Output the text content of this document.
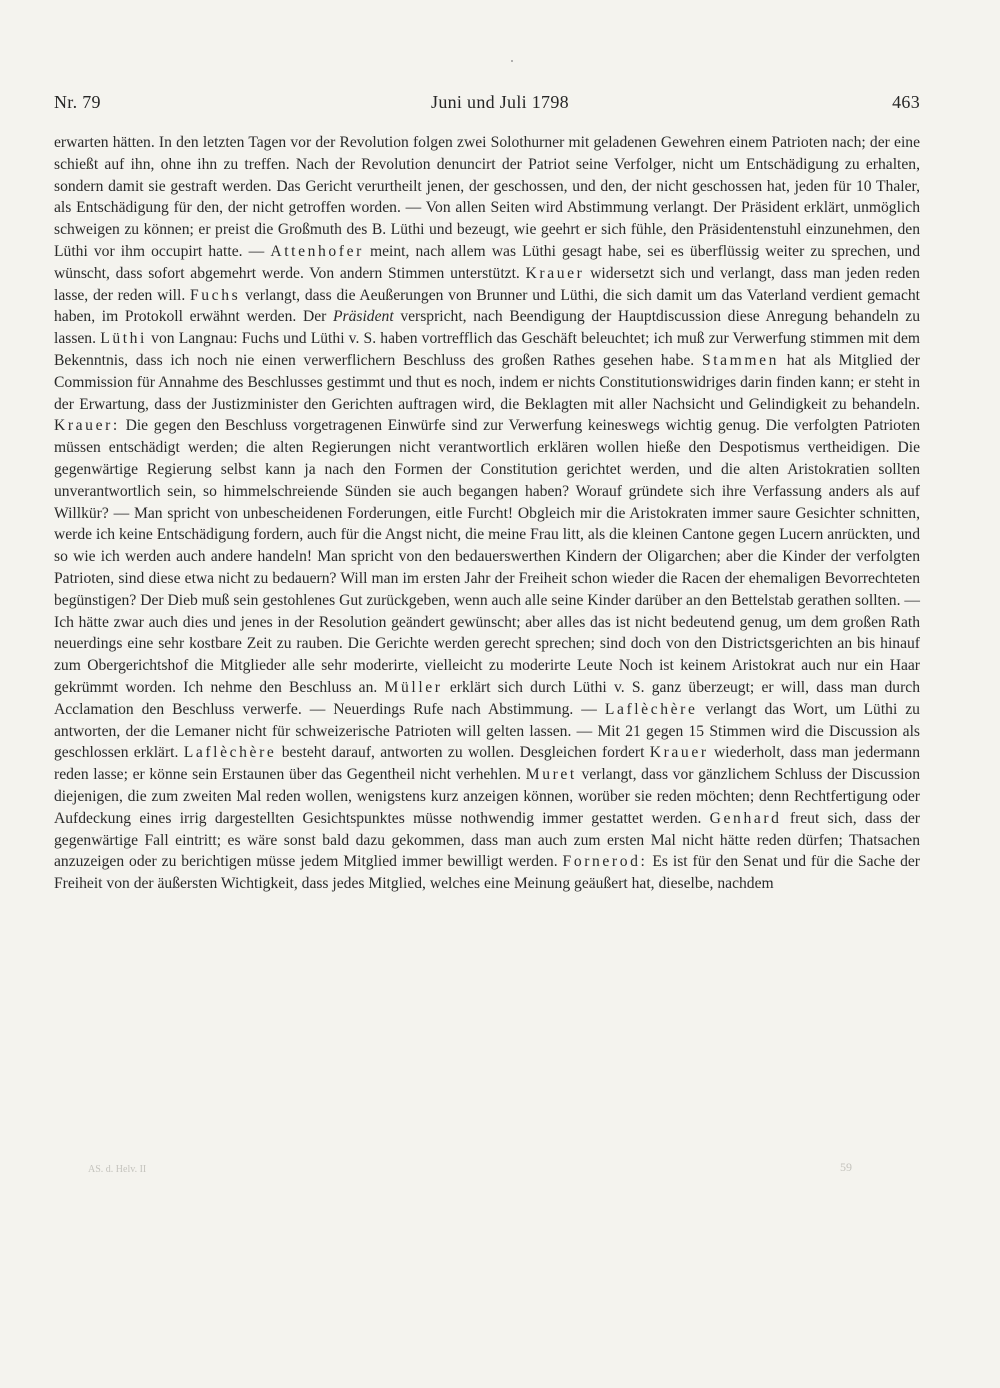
Nr. 79	Juni und Juli 1798	463

erwarten hätten. In den letzten Tagen vor der Revolution folgen zwei Solothurner mit geladenen Gewehren einem Patrioten nach; der eine schießt auf ihn, ohne ihn zu treffen. Nach der Revolution denuncirt der Patriot seine Verfolger, nicht um Entschädigung zu erhalten, sondern damit sie gestraft werden. Das Gericht verurtheilt jenen, der geschossen, und den, der nicht geschossen hat, jeden für 10 Thaler, als Entschädigung für den, der nicht getroffen worden. — Von allen Seiten wird Abstimmung verlangt. Der Präsident erklärt, unmöglich schweigen zu können; er preist die Großmuth des B. Lüthi und bezeugt, wie geehrt er sich fühle, den Präsidentenstuhl einzunehmen, den Lüthi vor ihm occupirt hatte. — Attenhofer meint, nach allem was Lüthi gesagt habe, sei es überflüssig weiter zu sprechen, und wünscht, dass sofort abgemehrt werde. Von andern Stimmen unterstützt. Krauer widersetzt sich und verlangt, dass man jeden reden lasse, der reden will. Fuchs verlangt, dass die Aeußerungen von Brunner und Lüthi, die sich damit um das Vaterland verdient gemacht haben, im Protokoll erwähnt werden. Der Präsident verspricht, nach Beendigung der Hauptdiscussion diese Anregung behandeln zu lassen. Lüthi von Langnau: Fuchs und Lüthi v. S. haben vortrefflich das Geschäft beleuchtet; ich muß zur Verwerfung stimmen mit dem Bekenntnis, dass ich noch nie einen verwerflichern Beschluss des großen Rathes gesehen habe. Stammen hat als Mitglied der Commission für Annahme des Beschlusses gestimmt und thut es noch, indem er nichts Constitutionswidriges darin finden kann; er steht in der Erwartung, dass der Justizminister den Gerichten auftragen wird, die Beklagten mit aller Nachsicht und Gelindigkeit zu behandeln. Krauer: Die gegen den Beschluss vorgetragenen Einwürfe sind zur Verwerfung keineswegs wichtig genug. Die verfolgten Patrioten müssen entschädigt werden; die alten Regierungen nicht verantwortlich erklären wollen hieße den Despotismus vertheidigen. Die gegenwärtige Regierung selbst kann ja nach den Formen der Constitution gerichtet werden, und die alten Aristokratien sollten unverantwortlich sein, so himmelschreiende Sünden sie auch begangen haben? Worauf gründete sich ihre Verfassung anders als auf Willkür? — Man spricht von unbescheidenen Forderungen, eitle Furcht! Obgleich mir die Aristokraten immer saure Gesichter schnitten, werde ich keine Entschädigung fordern, auch für die Angst nicht, die meine Frau litt, als die kleinen Cantone gegen Lucern anrückten, und so wie ich werden auch andere handeln! Man spricht von den bedauerswerthen Kindern der Oligarchen; aber die Kinder der verfolgten Patrioten, sind diese etwa nicht zu bedauern? Will man im ersten Jahr der Freiheit schon wieder die Racen der ehemaligen Bevorrechteten begünstigen? Der Dieb muß sein gestohlenes Gut zurückgeben, wenn auch alle seine Kinder darüber an den Bettelstab gerathen sollten. — Ich hätte zwar auch dies und jenes in der Resolution geändert gewünscht; aber alles das ist nicht bedeutend genug, um dem großen Rath neuerdings eine sehr kostbare Zeit zu rauben. Die Gerichte werden gerecht sprechen; sind doch von den Districtsgerichten an bis hinauf zum Obergerichtshof die Mitglieder alle sehr moderirte, vielleicht zu moderirte Leute Noch ist keinem Aristokrat auch nur ein Haar gekrümmt worden. Ich nehme den Beschluss an. Müller erklärt sich durch Lüthi v. S. ganz überzeugt; er will, dass man durch Acclamation den Beschluss verwerfe. — Neuerdings Rufe nach Abstimmung. — Laflèchère verlangt das Wort, um Lüthi zu antworten, der die Lemaner nicht für schweizerische Patrioten will gelten lassen. — Mit 21 gegen 15 Stimmen wird die Discussion als geschlossen erklärt. Laflèchère besteht darauf, antworten zu wollen. Desgleichen fordert Krauer wiederholt, dass man jedermann reden lasse; er könne sein Erstaunen über das Gegentheil nicht verhehlen. Muret verlangt, dass vor gänzlichem Schluss der Discussion diejenigen, die zum zweiten Mal reden wollen, wenigstens kurz anzeigen können, worüber sie reden möchten; denn Rechtfertigung oder Aufdeckung eines irrig dargestellten Gesichtspunktes müsse nothwendig immer gestattet werden. Genhard freut sich, dass der gegenwärtige Fall eintritt; es wäre sonst bald dazu gekommen, dass man auch zum ersten Mal nicht hätte reden dürfen; Thatsachen anzuzeigen oder zu berichtigen müsse jedem Mitglied immer bewilligt werden. Fornerod: Es ist für den Senat und für die Sache der Freiheit von der äußersten Wichtigkeit, dass jedes Mitglied, welches eine Meinung geäußert hat, dieselbe, nachdem

AS. d. Helv. II	59
